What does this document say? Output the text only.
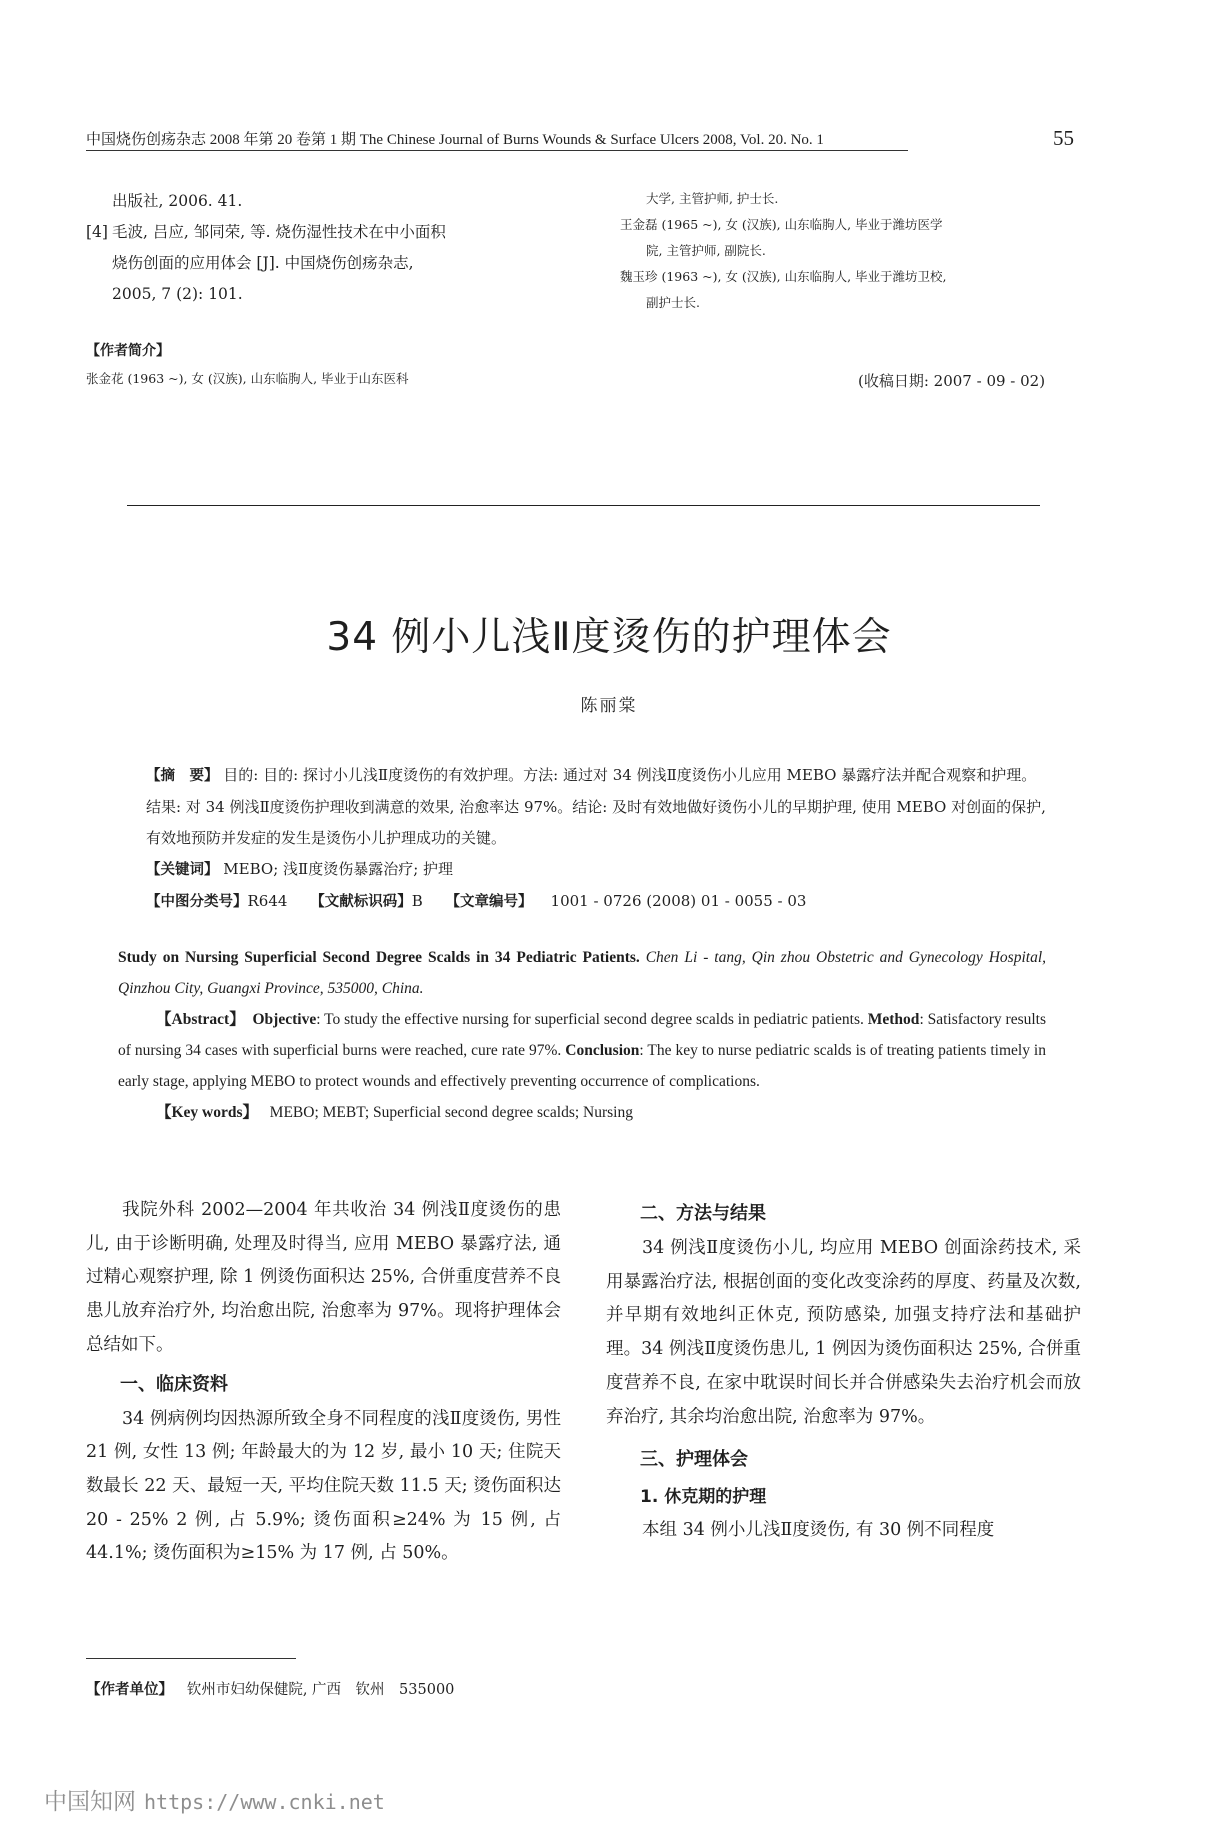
中国烧伤创疡杂志 2008 年第 20 卷第 1 期 The Chinese Journal of Burns Wounds & Surface Ulcers 2008, Vol. 20. No. 1	55
出版社, 2006. 41.
[4] 毛波, 吕应, 邹同荣, 等. 烧伤湿性技术在中小面积
烧伤创面的应用体会 [J]. 中国烧伤创疡杂志,
2005, 7 (2): 101.
【作者简介】
张金花 (1963 ~), 女 (汉族), 山东临朐人, 毕业于山东医科
大学, 主管护师, 护士长.
王金磊 (1965 ~), 女 (汉族), 山东临朐人, 毕业于潍坊医学
院, 主管护师, 副院长.
魏玉珍 (1963 ~), 女 (汉族), 山东临朐人, 毕业于潍坊卫校,
副护士长.
(收稿日期: 2007 - 09 - 02)
34 例小儿浅Ⅱ度烫伤的护理体会
陈丽棠
【摘　要】 目的: 目的: 探讨小儿浅Ⅱ度烫伤的有效护理。方法: 通过对 34 例浅Ⅱ度烫伤小儿应用 MEBO 暴露疗法并配合观察和护理。结果: 对 34 例浅Ⅱ度烫伤护理收到满意的效果, 治愈率达 97%。结论: 及时有效地做好烫伤小儿的早期护理, 使用 MEBO 对创面的保护, 有效地预防并发症的发生是烫伤小儿护理成功的关键。
【关键词】 MEBO; 浅Ⅱ度烫伤暴露治疗; 护理
【中图分类号】R644 【文献标识码】B 【文章编号】 1001 - 0726 (2008) 01 - 0055 - 03
Study on Nursing Superficial Second Degree Scalds in 34 Pediatric Patients. Chen Li - tang, Qin zhou Obstetric and Gynecology Hospital, Qinzhou City, Guangxi Province, 535000, China.
【Abstract】 Objective: To study the effective nursing for superficial second degree scalds in pediatric patients. Method: Satisfactory results of nursing 34 cases with superficial burns were reached, cure rate 97%. Conclusion: The key to nurse pediatric scalds is of treating patients timely in early stage, applying MEBO to protect wounds and effectively preventing occurrence of complications.
【Key words】 MEBO; MEBT; Superficial second degree scalds; Nursing

我院外科 2002—2004 年共收治 34 例浅Ⅱ度烫伤的患儿, 由于诊断明确, 处理及时得当, 应用 MEBO 暴露疗法, 通过精心观察护理, 除 1 例烫伤面积达 25%, 合併重度营养不良患儿放弃治疗外, 均治愈出院, 治愈率为 97%。现将护理体会总结如下。

一、临床资料

34 例病例均因热源所致全身不同程度的浅Ⅱ度烫伤, 男性 21 例, 女性 13 例; 年龄最大的为 12 岁, 最小 10 天; 住院天数最长 22 天、最短一天, 平均住院天数 11.5 天; 烫伤面积达 20 - 25% 2 例, 占 5.9%; 烫伤面积≥24% 为 15 例, 占 44.1%; 烫伤面积为≥15% 为 17 例, 占 50%。

二、方法与结果

34 例浅Ⅱ度烫伤小儿, 均应用 MEBO 创面涂药技术, 采用暴露治疗法, 根据创面的变化改变涂药的厚度、药量及次数, 并早期有效地纠正休克, 预防感染, 加强支持疗法和基础护理。34 例浅Ⅱ度烫伤患儿, 1 例因为烫伤面积达 25%, 合併重度营养不良, 在家中耽误时间长并合併感染失去治疗机会而放弃治疗, 其余均治愈出院, 治愈率为 97%。

三、护理体会
1. 休克期的护理

本组 34 例小儿浅Ⅱ度烫伤, 有 30 例不同程度

【作者单位】 钦州市妇幼保健院, 广西　钦州　535000
中国知网 https://www.cnki.net
